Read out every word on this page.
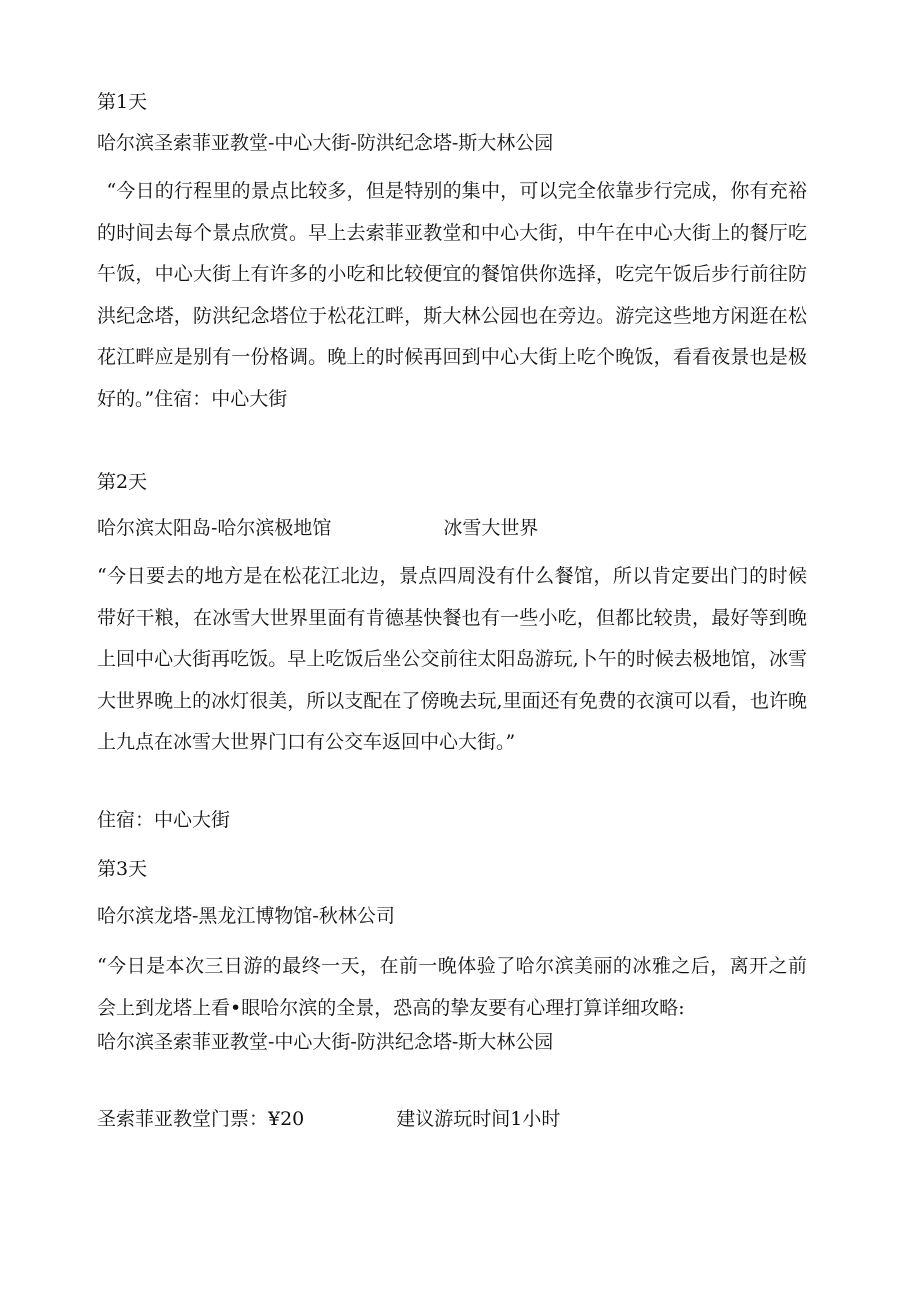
第1天
哈尔滨圣索菲亚教堂-中心大街-防洪纪念塔-斯大林公园

“今日的行程里的景点比较多，但是特别的集中，可以完全依靠步行完成，你有充裕的时间去每个景点欣赏。早上去索菲亚教堂和中心大街，中午在中心大街上的餐厅吃午饭，中心大街上有许多的小吃和比较便宜的餐馆供你选择，吃完午饭后步行前往防洪纪念塔，防洪纪念塔位于松花江畔，斯大林公园也在旁边。游完这些地方闲逛在松花江畔应是别有一份格调。晚上的时候再回到中心大街上吃个晚饭，看看夜景也是极好的。”住宿：中心大街

第2天
哈尔滨太阳岛-哈尔滨极地馆	冰雪大世界

“今日要去的地方是在松花江北边，景点四周没有什么餐馆，所以肯定要出门的时候带好干粮，在冰雪大世界里面有肯德基快餐也有一些小吃，但都比较贵，最好等到晚上回中心大街再吃饭。早上吃饭后坐公交前往太阳岛游玩,卜午的时候去极地馆，冰雪大世界晚上的冰灯很美，所以支配在了傍晚去玩,里面还有免费的衣演可以看，也许晚上九点在冰雪大世界门口有公交车返回中心大街。”

住宿：中心大街
第3天
哈尔滨龙塔-黑龙江博物馆-秋林公司

“今日是本次三日游的最终一天，在前一晚体验了哈尔滨美丽的冰雅之后，离开之前会上到龙塔上看•眼哈尔滨的全景，恐高的挚友要有心理打算详细攻略:

哈尔滨圣索菲亚教堂-中心大街-防洪纪念塔-斯大林公园
圣索菲亚教堂门票：¥20	建议游玩时间1小时
